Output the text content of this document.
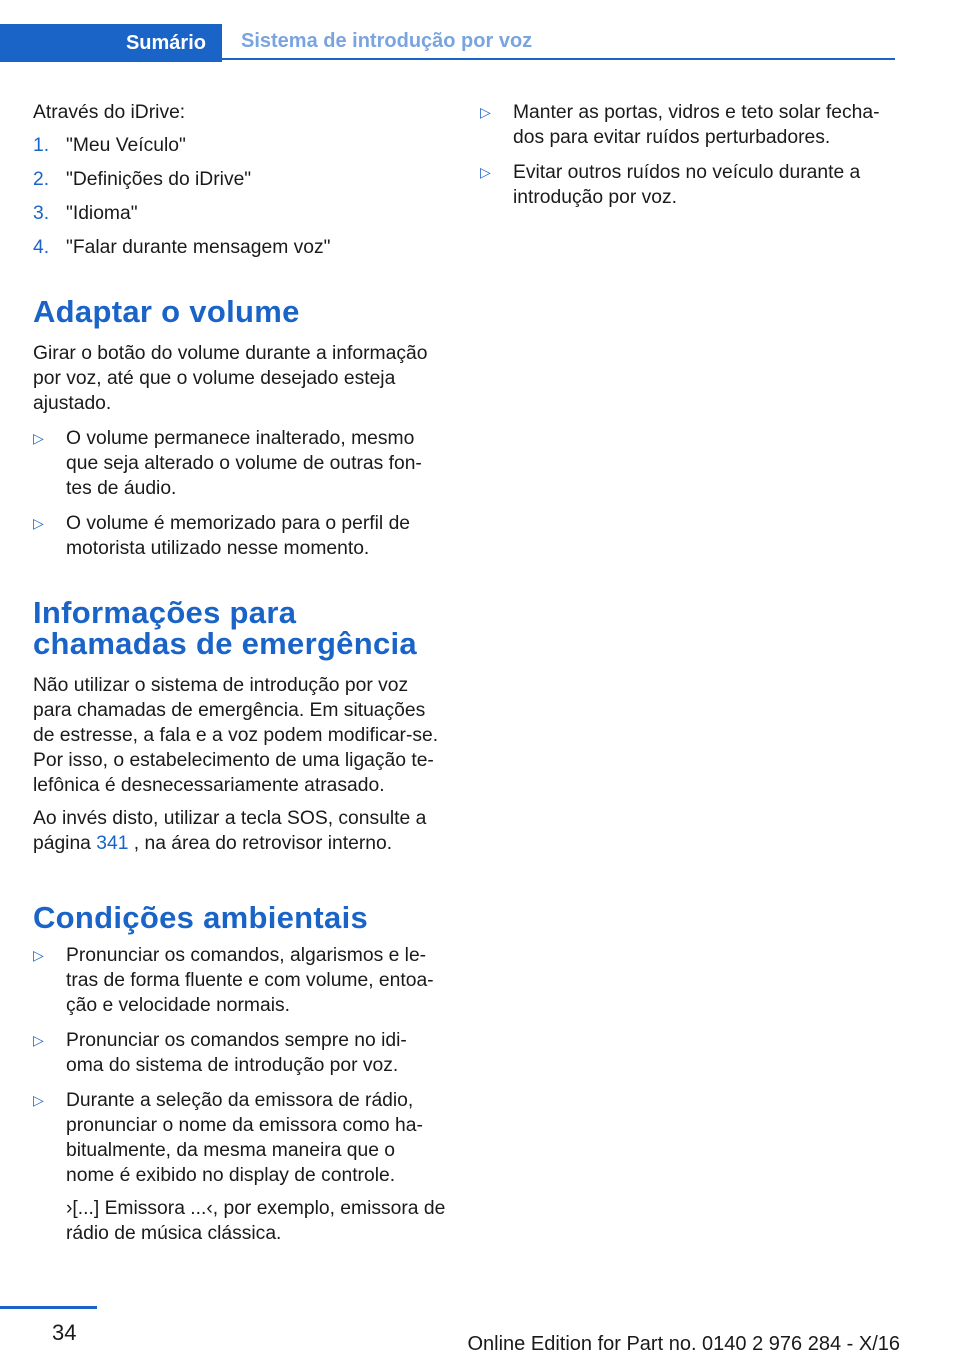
Sumário	Sistema de introdução por voz

Através do iDrive:

1. "Meu Veículo"
2. "Definições do iDrive"
3. "Idioma"
4. "Falar durante mensagem voz"
Adaptar o volume

Girar o botão do volume durante a informação por voz, até que o volume desejado esteja ajustado.

▷	O volume permanece inalterado, mesmo que seja alterado o volume de outras fon‐ tes de áudio.
▷	O volume é memorizado para o perfil de motorista utilizado nesse momento.
Informações para chamadas de emergência

Não utilizar o sistema de introdução por voz para chamadas de emergência. Em situações de estresse, a fala e a voz podem modificar-se. Por isso, o estabelecimento de uma ligação te‐ lefônica é desnecessariamente atrasado.

Ao invés disto, utilizar a tecla SOS, consulte a página 341 , na área do retrovisor interno.

Condições ambientais
▷	Pronunciar os comandos, algarismos e le‐ tras de forma fluente e com volume, entoa‐ ção e velocidade normais.
▷	Pronunciar os comandos sempre no idi‐ oma do sistema de introdução por voz.
▷	Durante a seleção da emissora de rádio, pronunciar o nome da emissora como ha‐ bitualmente, da mesma maneira que o nome é exibido no display de controle.

›[...] Emissora ...‹, por exemplo, emissora de rádio de música clássica.

▷	Manter as portas, vidros e teto solar fecha‐ dos para evitar ruídos perturbadores.
▷	Evitar outros ruídos no veículo durante a introdução por voz.
34	Online Edition for Part no. 0140 2 976 284 - X/16
